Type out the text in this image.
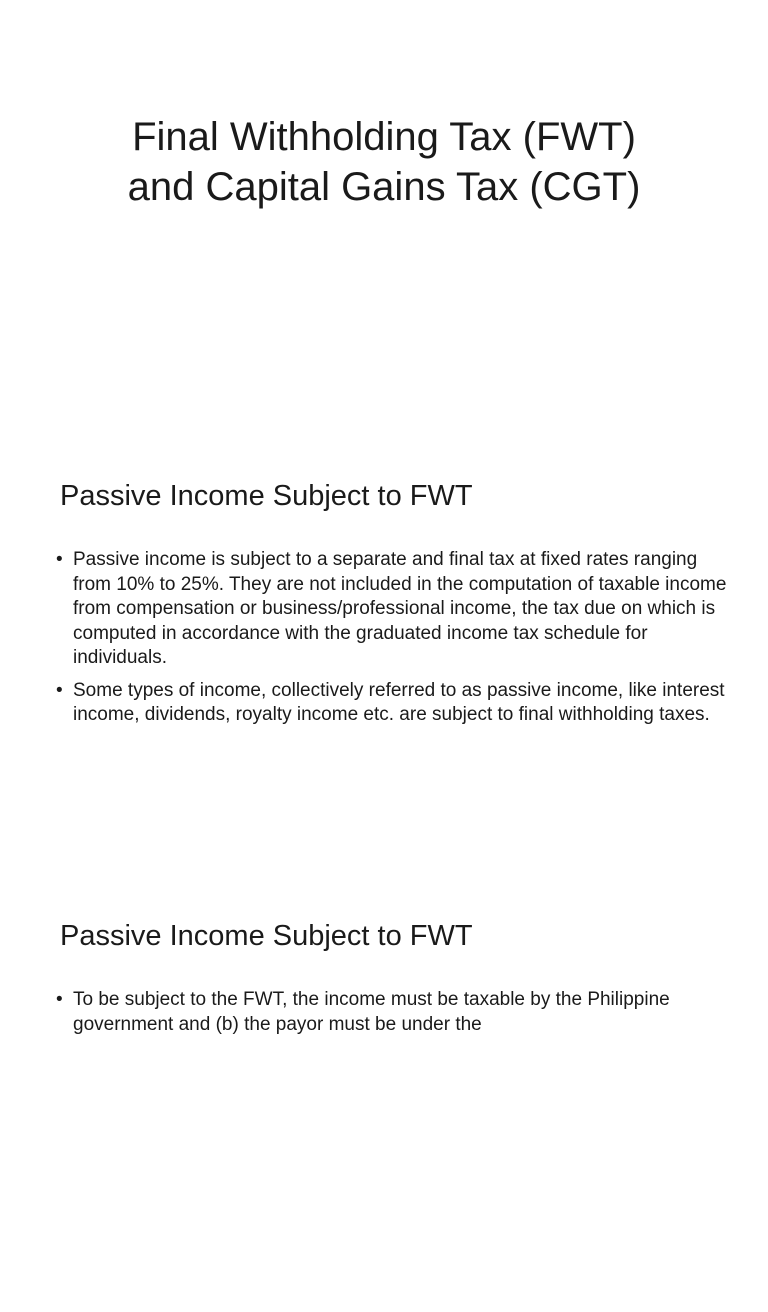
Final Withholding Tax (FWT)
and Capital Gains Tax (CGT)
Passive Income Subject to FWT
• Passive income is subject to a separate and final tax at fixed rates ranging from 10% to 25%. They are not included in the computation of taxable income from compensation or business/professional income, the tax due on which is computed in accordance with the graduated income tax schedule for individuals.
• Some types of income, collectively referred to as passive income, like interest income, dividends, royalty income etc. are subject to final withholding taxes.
Passive Income Subject to FWT
• To be subject to the FWT, the income must be taxable by the Philippine government and (b) the payor must be under the
